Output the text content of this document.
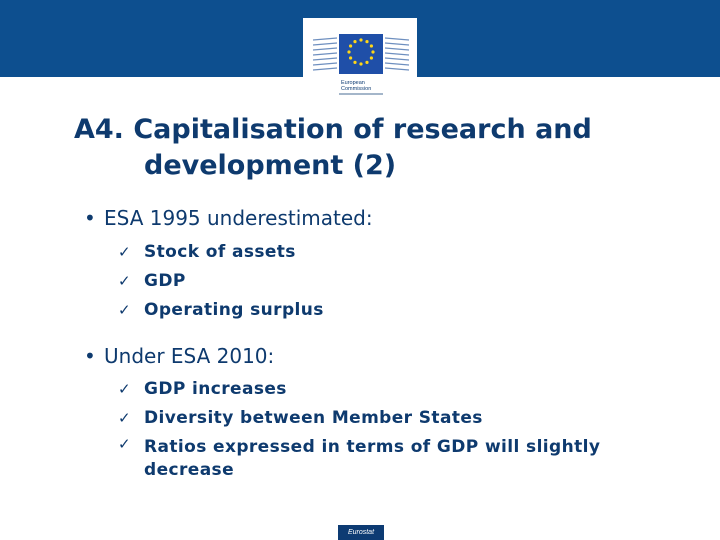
European
Commission
A4. Capitalisation of research and
development (2)
• ESA 1995 underestimated:
✓ Stock of assets
✓ GDP
✓ Operating surplus
• Under ESA 2010:
✓ GDP increases
✓ Diversity between Member States
✓ Ratios expressed in terms of GDP will slightly decrease
Eurostat
